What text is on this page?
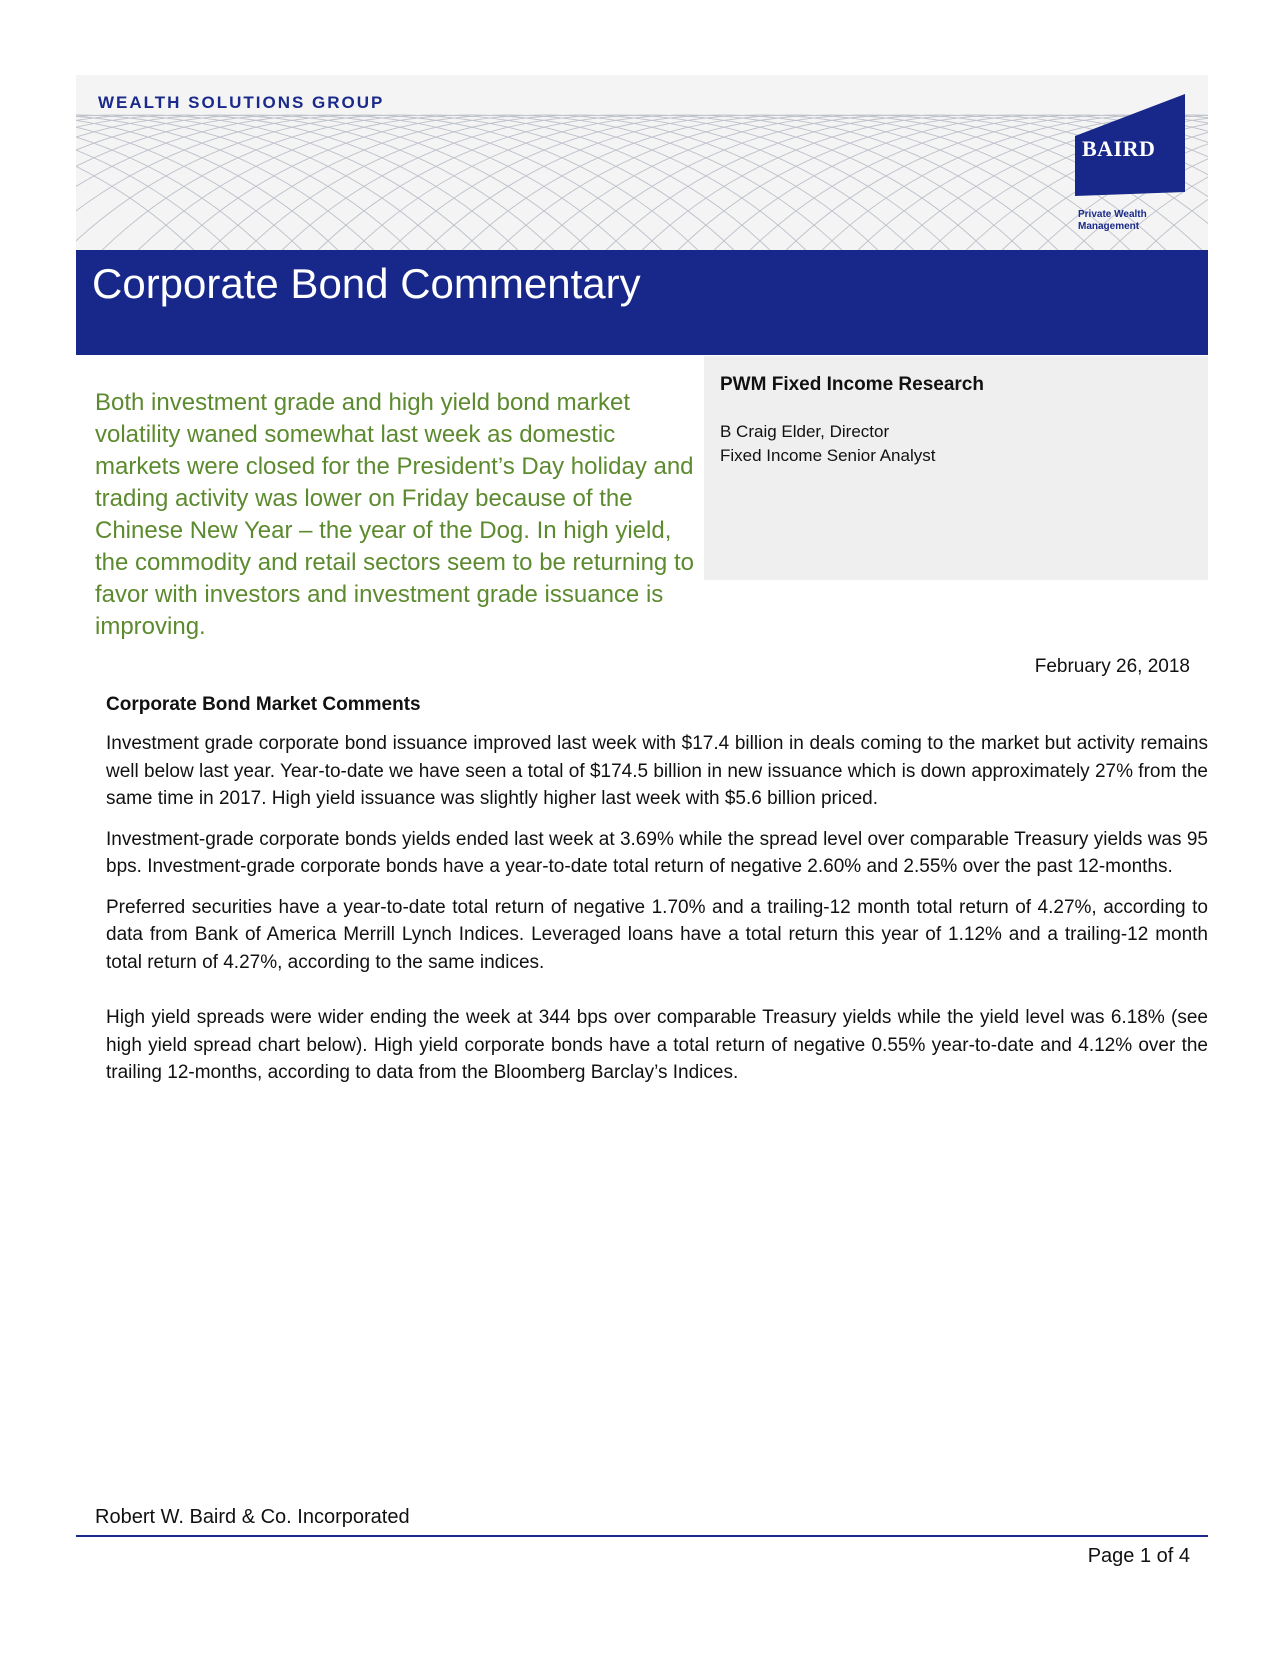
WEALTH SOLUTIONS GROUP
BAIRD
Private Wealth
Management
Corporate Bond Commentary
Both investment grade and high yield bond market volatility waned somewhat last week as domestic markets were closed for the President’s Day holiday and trading activity was lower on Friday because of the Chinese New Year – the year of the Dog. In high yield, the commodity and retail sectors seem to be returning to favor with investors and investment grade issuance is improving.
PWM Fixed Income Research
B Craig Elder, Director
Fixed Income Senior Analyst
February 26, 2018
Corporate Bond Market Comments

Investment grade corporate bond issuance improved last week with $17.4 billion in deals coming to the market but activity remains well below last year. Year-to-date we have seen a total of $174.5 billion in new issuance which is down approximately 27% from the same time in 2017. High yield issuance was slightly higher last week with $5.6 billion priced.

Investment-grade corporate bonds yields ended last week at 3.69% while the spread level over comparable Treasury yields was 95 bps. Investment-grade corporate bonds have a year-to-date total return of negative 2.60% and 2.55% over the past 12-months.

Preferred securities have a year-to-date total return of negative 1.70% and a trailing-12 month total return of 4.27%, according to data from Bank of America Merrill Lynch Indices. Leveraged loans have a total return this year of 1.12% and a trailing-12 month total return of 4.27%, according to the same indices.

High yield spreads were wider ending the week at 344 bps over comparable Treasury yields while the yield level was 6.18% (see high yield spread chart below). High yield corporate bonds have a total return of negative 0.55% year-to-date and 4.12% over the trailing 12-months, according to data from the Bloomberg Barclay’s Indices.

Robert W. Baird & Co. Incorporated
Page 1 of 4
